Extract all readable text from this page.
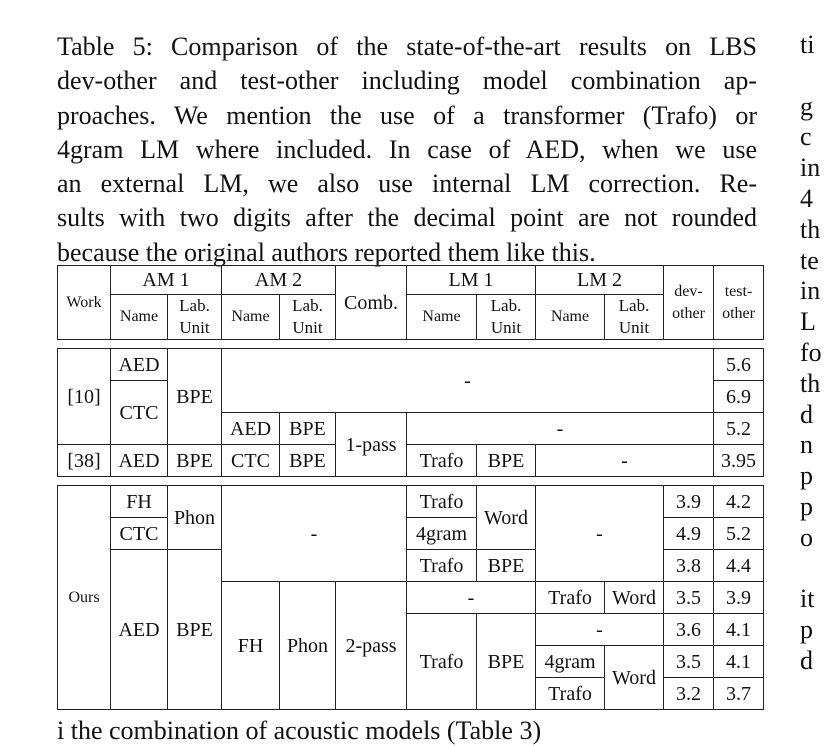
Table 5: Comparison of the state-of-the-art results on LBS
dev-other and test-other including model combination ap-
proaches. We mention the use of a transformer (Trafo) or
4gram LM where included. In case of AED, when we use
an external LM, we also use internal LM correction. Re-
sults with two digits after the decimal point are not rounded
because the original authors reported them like this.
ti
g
c
in
4
th
te
in
L
fo
th
d
n
p
p
o
it
p
d
Work	AM 1		AM 2		Comb.	LM 1		LM 2		dev-other	test-other
	Name	Lab. Unit	Name	Lab. Unit		Name	Lab. Unit	Name	Lab. Unit		

[10]	AED	BPE	-								5.6
	CTC										6.9
			AED	BPE	1-pass	-					5.2
[38]	AED	BPE	CTC	BPE		Trafo	BPE	-			3.95

Ours	FH	Phon	-			Trafo	Word	-		3.9	4.2
	CTC					4gram				4.9	5.2
	AED	BPE				Trafo	BPE			3.8	4.4
			FH	Phon	2-pass	-		Trafo	Word	3.5	3.9
						Trafo	BPE	-		3.6	4.1
								4gram	Word	3.5	4.1
								Trafo		3.2	3.7
i the combination of acoustic models (Table 3)
